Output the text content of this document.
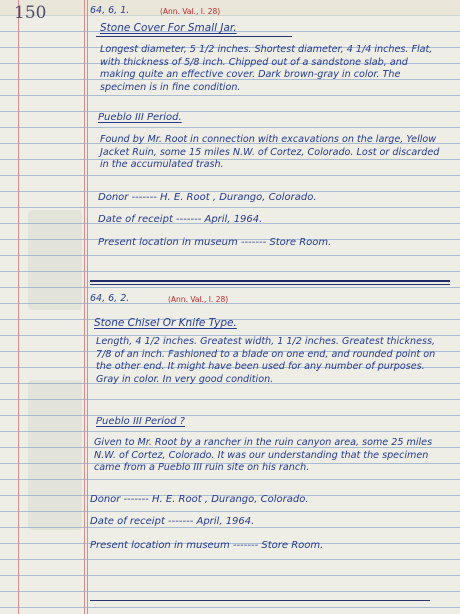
150	64, 6, 1.	(Ann. Val., I. 28)
Stone Cover For Small Jar.
Longest diameter, 5 1/2 inches. Shortest diameter, 4 1/4 inches. Flat, with thickness of 5/8 inch. Chipped out of a sandstone slab, and making quite an effective cover. Dark brown-gray in color. The specimen is in fine condition.
Pueblo III Period.
Found by Mr. Root in connection with excavations on the large, Yellow Jacket Ruin, some 15 miles N.W. of Cortez, Colorado. Lost or discarded in the accumulated trash.
Donor ------- H. E. Root , Durango, Colorado.
Date of receipt ------- April, 1964.
Present location in museum ------- Store Room.
64, 6, 2.	(Ann. Val., I. 28)
Stone Chisel Or Knife Type.
Length, 4 1/2 inches. Greatest width, 1 1/2 inches. Greatest thickness, 7/8 of an inch. Fashioned to a blade on one end, and rounded point on the other end. It might have been used for any number of purposes. Gray in color. In very good condition.
Pueblo III Period ?
Given to Mr. Root by a rancher in the ruin canyon area, some 25 miles N.W. of Cortez, Colorado. It was our understanding that the specimen came from a Pueblo III ruin site on his ranch.
Donor ------- H. E. Root , Durango, Colorado.
Date of receipt ------- April, 1964.
Present location in museum ------- Store Room.
